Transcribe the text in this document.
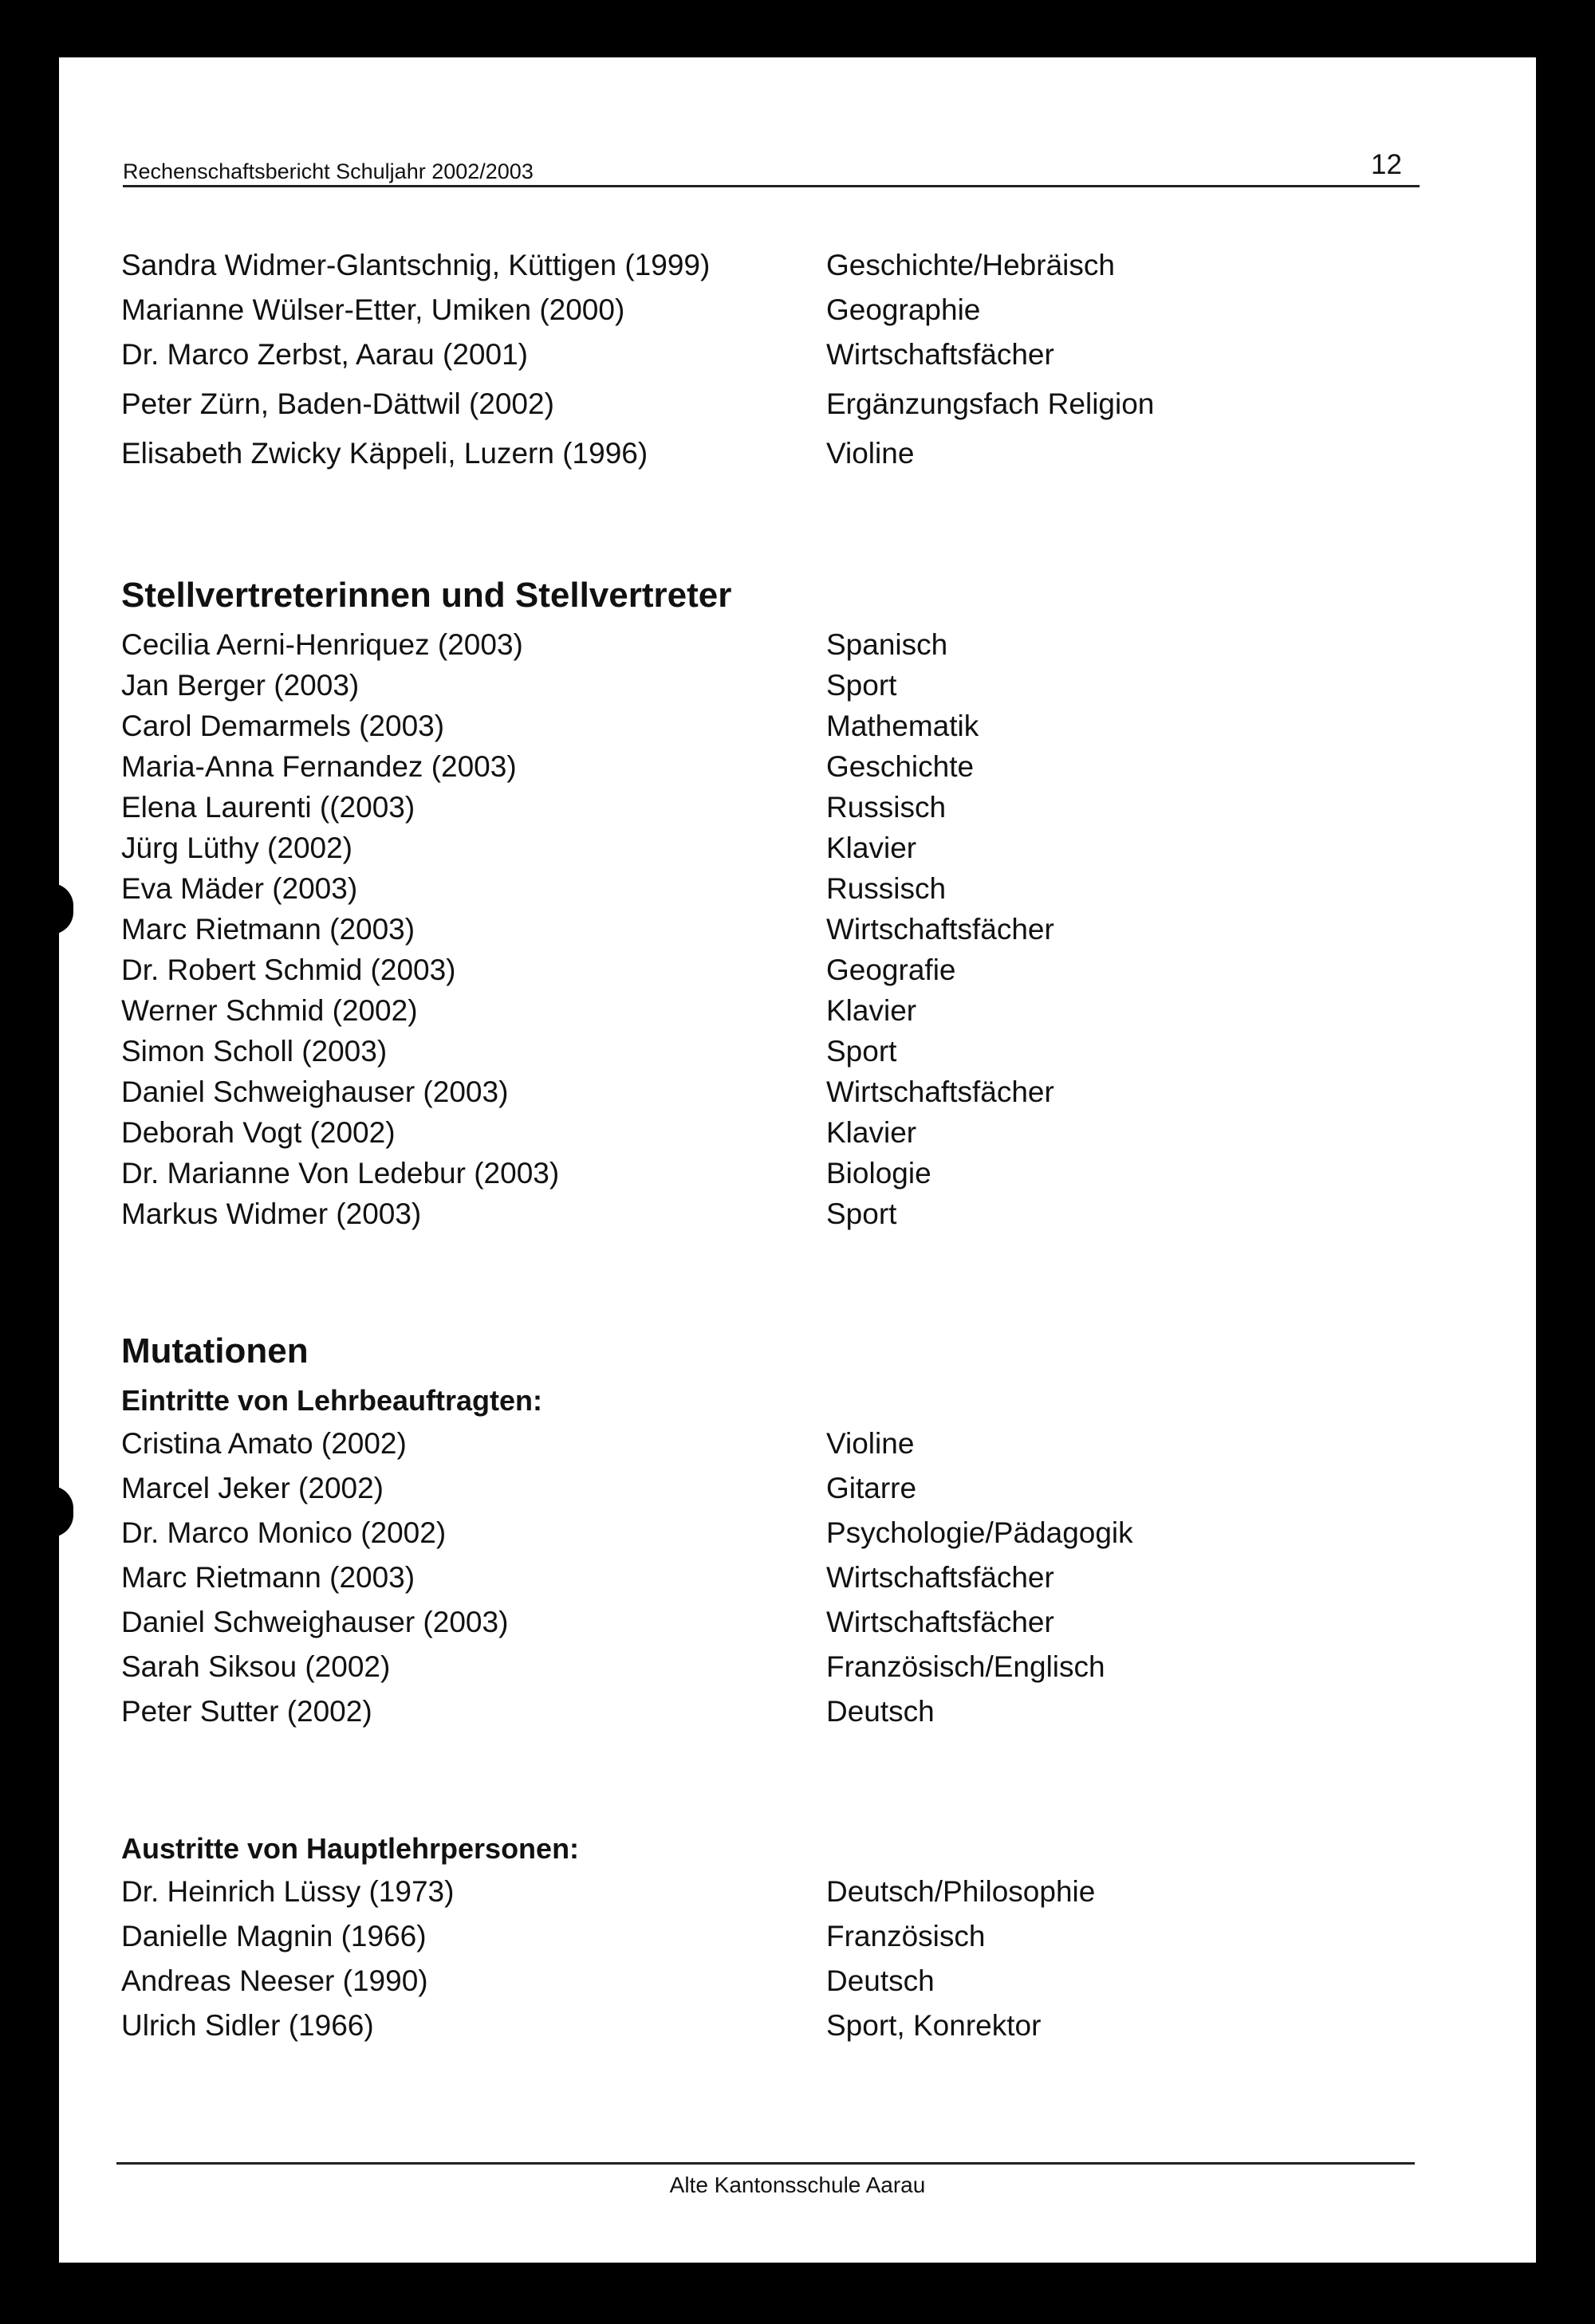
Rechenschaftsbericht Schuljahr 2002/2003	12
Sandra Widmer-Glantschnig, Küttigen (1999)	Geschichte/Hebräisch
Marianne Wülser-Etter, Umiken (2000)	Geographie
Dr. Marco Zerbst, Aarau (2001)	Wirtschaftsfächer
Peter Zürn, Baden-Dättwil (2002)	Ergänzungsfach Religion
Elisabeth Zwicky Käppeli, Luzern (1996)	Violine
Stellvertreterinnen und Stellvertreter
Cecilia Aerni-Henriquez (2003)	Spanisch
Jan Berger (2003)	Sport
Carol Demarmels (2003)	Mathematik
Maria-Anna Fernandez (2003)	Geschichte
Elena Laurenti ((2003)	Russisch
Jürg Lüthy (2002)	Klavier
Eva Mäder (2003)	Russisch
Marc Rietmann (2003)	Wirtschaftsfächer
Dr. Robert Schmid (2003)	Geografie
Werner Schmid (2002)	Klavier
Simon Scholl (2003)	Sport
Daniel Schweighauser (2003)	Wirtschaftsfächer
Deborah Vogt (2002)	Klavier
Dr. Marianne Von Ledebur (2003)	Biologie
Markus Widmer (2003)	Sport
Mutationen
Eintritte von Lehrbeauftragten:
Cristina Amato (2002)	Violine
Marcel Jeker (2002)	Gitarre
Dr. Marco Monico (2002)	Psychologie/Pädagogik
Marc Rietmann (2003)	Wirtschaftsfächer
Daniel Schweighauser (2003)	Wirtschaftsfächer
Sarah Siksou (2002)	Französisch/Englisch
Peter Sutter (2002)	Deutsch
Austritte von Hauptlehrpersonen:
Dr. Heinrich Lüssy (1973)	Deutsch/Philosophie
Danielle Magnin (1966)	Französisch
Andreas Neeser (1990)	Deutsch
Ulrich Sidler (1966)	Sport, Konrektor
Alte Kantonsschule Aarau
